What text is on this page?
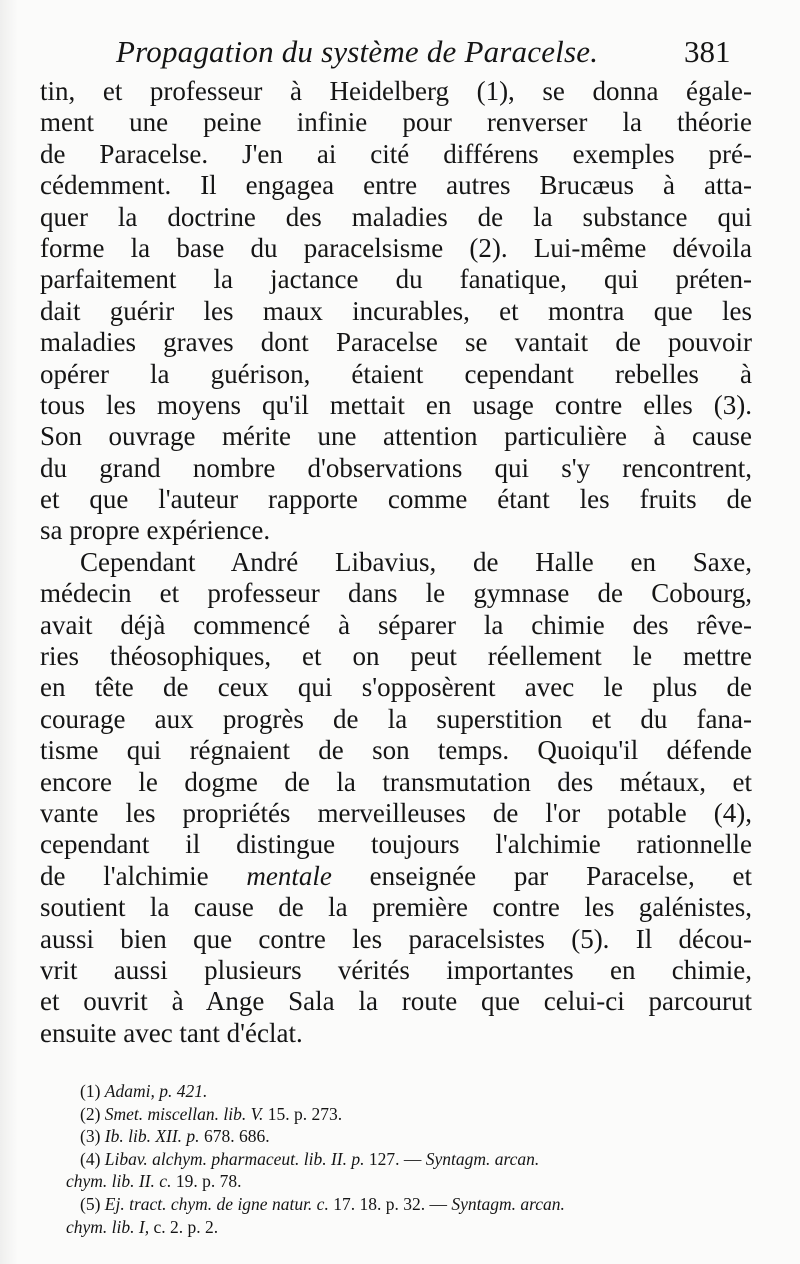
Propagation du système de Paracelse.	381
tin, et professeur à Heidelberg (1), se donna égale-
ment une peine infinie pour renverser la théorie
de Paracelse. J'en ai cité différens exemples pré-
cédemment. Il engagea entre autres Brucæus à atta-
quer la doctrine des maladies de la substance qui
forme la base du paracelsisme (2). Lui-même dévoila
parfaitement la jactance du fanatique, qui préten-
dait guérir les maux incurables, et montra que les
maladies graves dont Paracelse se vantait de pouvoir
opérer la guérison, étaient cependant rebelles à
tous les moyens qu'il mettait en usage contre elles (3).
Son ouvrage mérite une attention particulière à cause
du grand nombre d'observations qui s'y rencontrent,
et que l'auteur rapporte comme étant les fruits de
sa propre expérience.
Cependant André Libavius, de Halle en Saxe,
médecin et professeur dans le gymnase de Cobourg,
avait déjà commencé à séparer la chimie des rêve-
ries théosophiques, et on peut réellement le mettre
en tête de ceux qui s'opposèrent avec le plus de
courage aux progrès de la superstition et du fana-
tisme qui régnaient de son temps. Quoiqu'il défende
encore le dogme de la transmutation des métaux, et
vante les propriétés merveilleuses de l'or potable (4),
cependant il distingue toujours l'alchimie rationnelle
de l'alchimie mentale enseignée par Paracelse, et
soutient la cause de la première contre les galénistes,
aussi bien que contre les paracelsistes (5). Il décou-
vrit aussi plusieurs vérités importantes en chimie,
et ouvrit à Ange Sala la route que celui-ci parcourut
ensuite avec tant d'éclat.
(1) Adami, p. 421.
(2) Smet. miscellan. lib. V. 15. p. 273.
(3) Ib. lib. XII. p. 678. 686.
(4) Libav. alchym. pharmaceut. lib. II. p. 127. — Syntagm. arcan.
chym. lib. II. c. 19. p. 78.
(5) Ej. tract. chym. de igne natur. c. 17. 18. p. 32. — Syntagm. arcan.
chym. lib. I, c. 2. p. 2.
